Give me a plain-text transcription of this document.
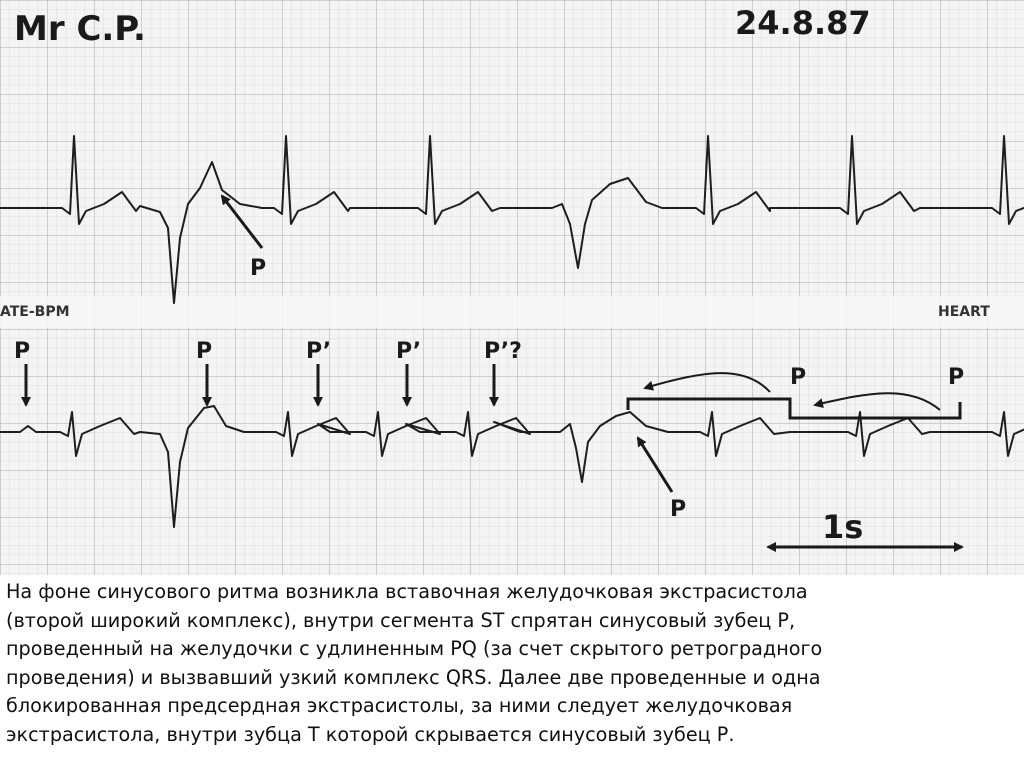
Mr C.P.	24.8.87
ATE-BPM	HEART
P
P	P	P’	P’	P’?
P	P
P	1s
На фоне синусового ритма возникла вставочная желудочковая экстрасистола
(второй широкий комплекс), внутри сегмента ST спрятан синусовый зубец Р,
проведенный на желудочки с удлиненным PQ (за счет скрытого ретроградного
проведения) и вызвавший узкий комплекс QRS. Далее две проведенные и одна
блокированная предсердная экстрасистолы, за ними следует желудочковая
экстрасистола, внутри зубца Т которой скрывается синусовый зубец Р.
